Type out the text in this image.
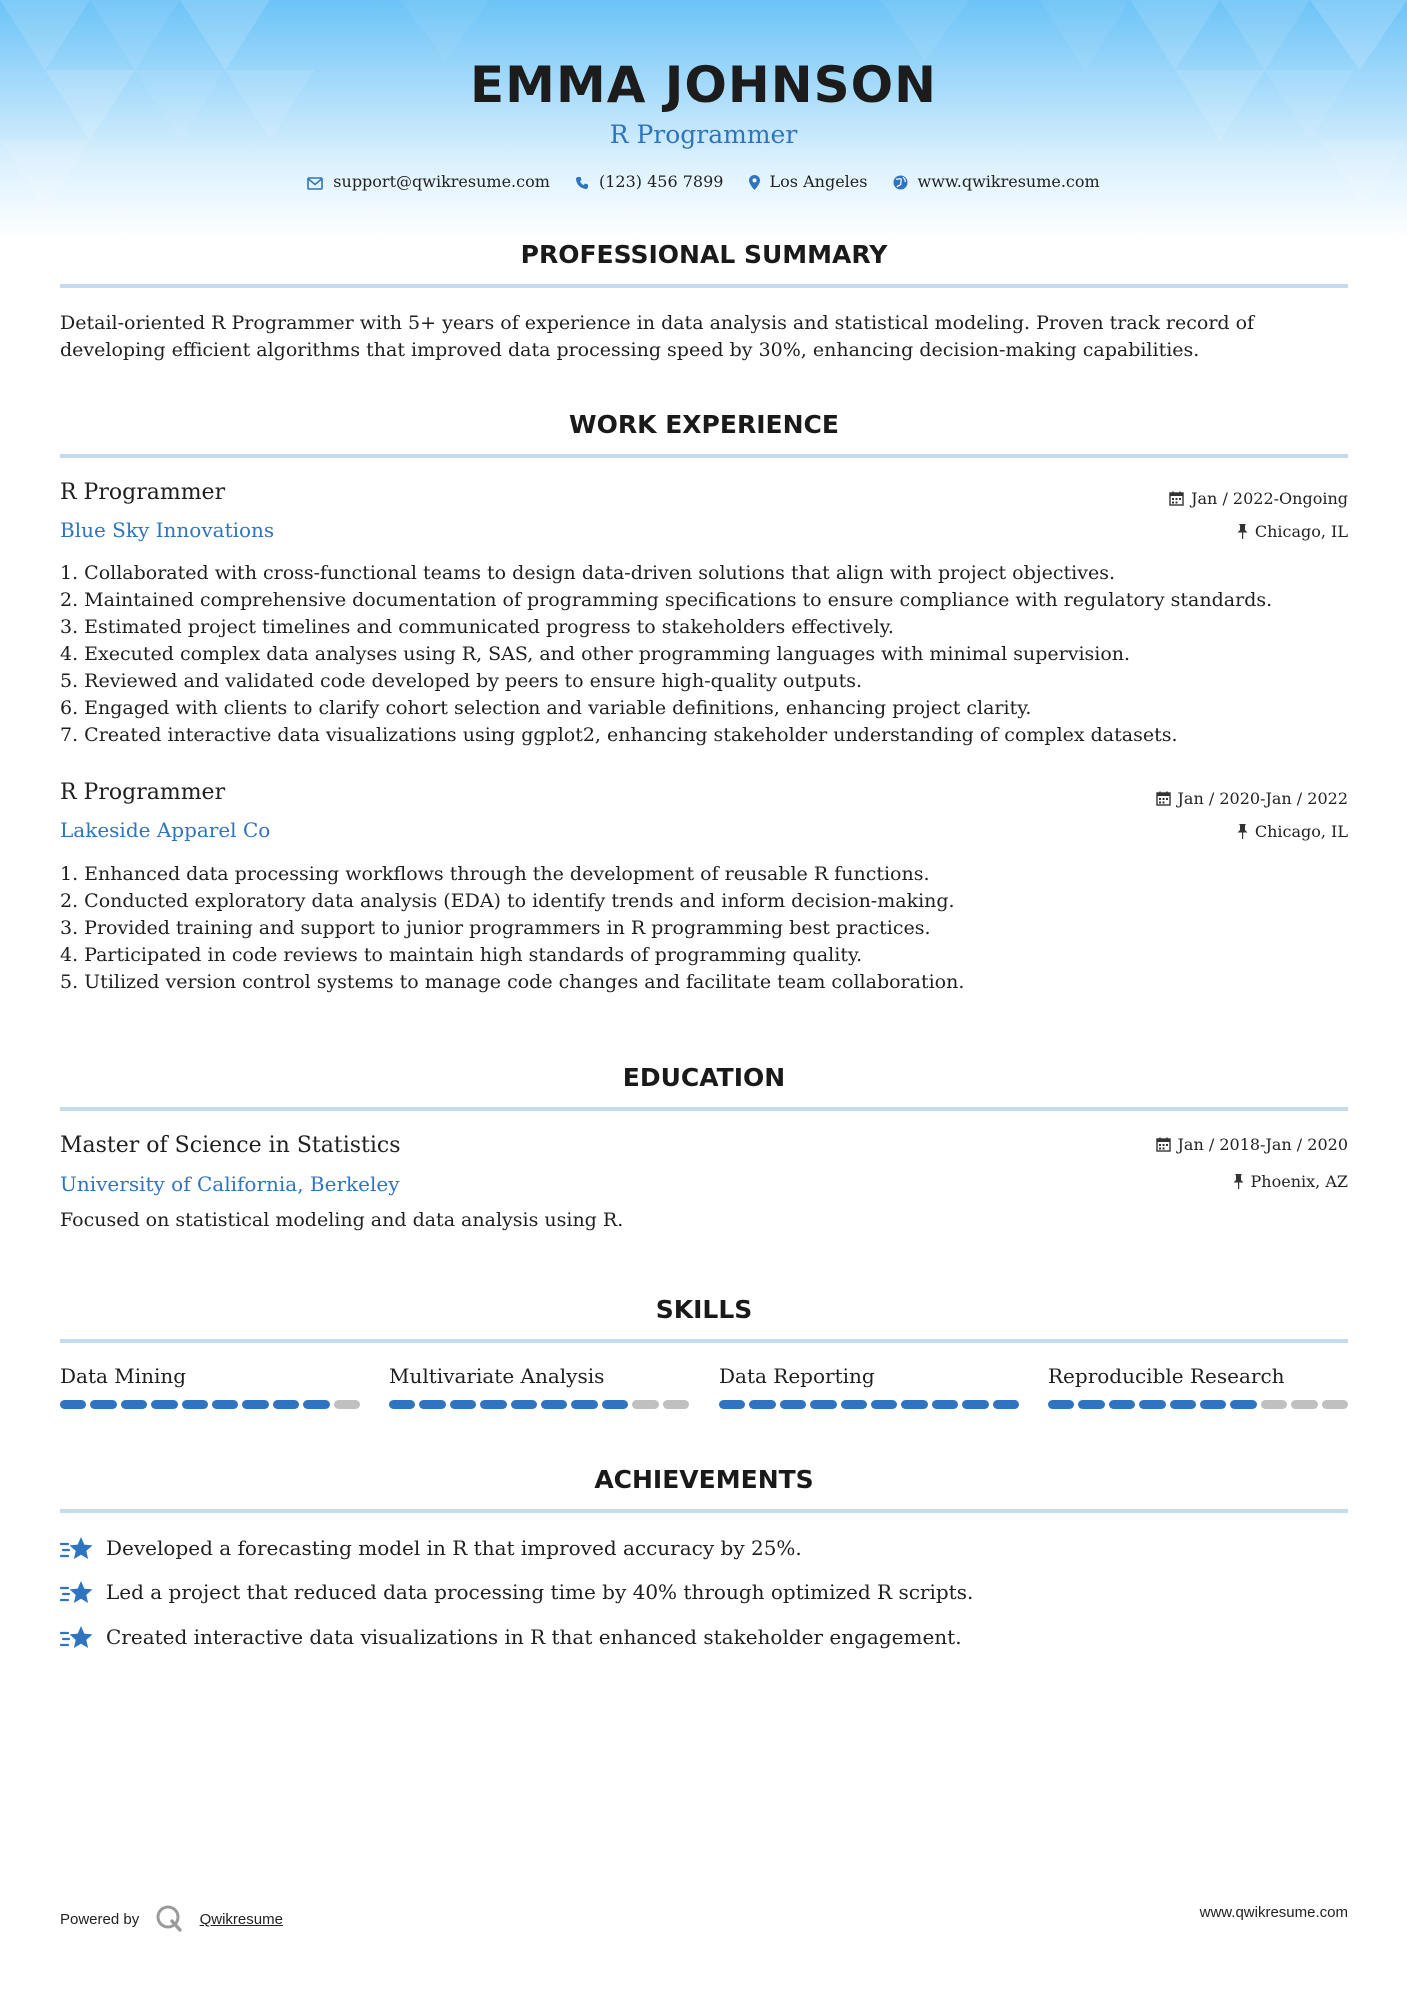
EMMA JOHNSON
R Programmer
support@qwikresume.com	(123) 456 7899	Los Angeles	www.qwikresume.com
PROFESSIONAL SUMMARY
Detail-oriented R Programmer with 5+ years of experience in data analysis and statistical modeling. Proven track record of developing efficient algorithms that improved data processing speed by 30%, enhancing decision-making capabilities.
WORK EXPERIENCE
R Programmer	Jan / 2022-Ongoing
Blue Sky Innovations	Chicago, IL
1. Collaborated with cross-functional teams to design data-driven solutions that align with project objectives.
2. Maintained comprehensive documentation of programming specifications to ensure compliance with regulatory standards.
3. Estimated project timelines and communicated progress to stakeholders effectively.
4. Executed complex data analyses using R, SAS, and other programming languages with minimal supervision.
5. Reviewed and validated code developed by peers to ensure high-quality outputs.
6. Engaged with clients to clarify cohort selection and variable definitions, enhancing project clarity.
7. Created interactive data visualizations using ggplot2, enhancing stakeholder understanding of complex datasets.
R Programmer	Jan / 2020-Jan / 2022
Lakeside Apparel Co	Chicago, IL
1. Enhanced data processing workflows through the development of reusable R functions.
2. Conducted exploratory data analysis (EDA) to identify trends and inform decision-making.
3. Provided training and support to junior programmers in R programming best practices.
4. Participated in code reviews to maintain high standards of programming quality.
5. Utilized version control systems to manage code changes and facilitate team collaboration.
EDUCATION
Master of Science in Statistics	Jan / 2018-Jan / 2020
University of California, Berkeley	Phoenix, AZ
Focused on statistical modeling and data analysis using R.
SKILLS
Data Mining	Multivariate Analysis	Data Reporting	Reproducible Research
ACHIEVEMENTS
Developed a forecasting model in R that improved accuracy by 25%.
Led a project that reduced data processing time by 40% through optimized R scripts.
Created interactive data visualizations in R that enhanced stakeholder engagement.
Powered by	Qwikresume	www.qwikresume.com
